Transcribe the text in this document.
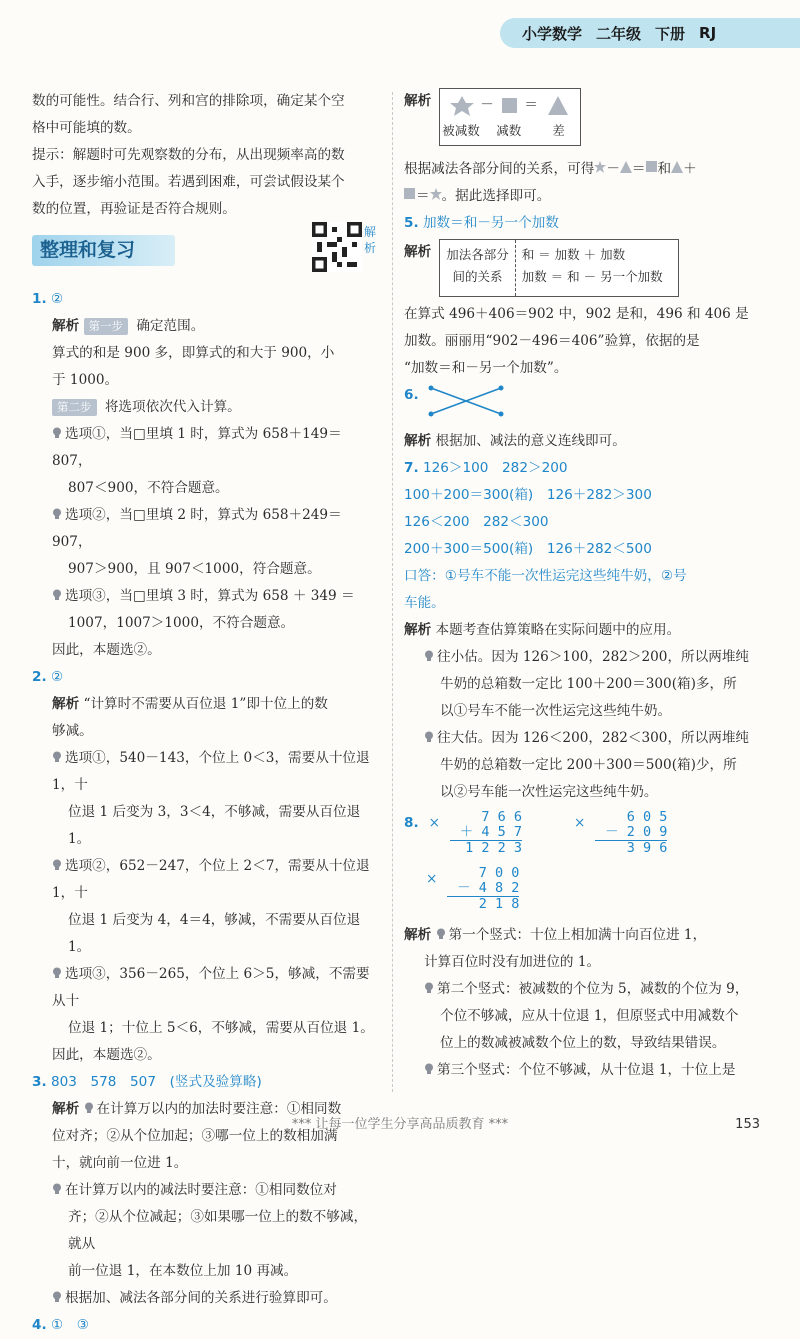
小学数学 二年级 下册 RJ

数的可能性。结合行、列和宫的排除项，确定某个空

格中可能填的数。

提示：解题时可先观察数的分布，从出现频率高的数

入手，逐步缩小范围。若遇到困难，可尝试假设某个

数的位置，再验证是否符合规则。

整理和复习

1. ②

解析 第一步 确定范围。

算式的和是 900 多，即算式的和大于 900，小

于 1000。

第二步 将选项依次代入计算。

选项①，当□里填 1 时，算式为 658＋149＝807，

807＜900，不符合题意。

选项②，当□里填 2 时，算式为 658＋249＝907，

907＞900，且 907＜1000，符合题意。

选项③，当□里填 3 时，算式为 658 ＋ 349 ＝

1007，1007＞1000，不符合题意。

因此，本题选②。

2. ②

解析 “计算时不需要从百位退 1”即十位上的数

够减。

选项①，540－143，个位上 0＜3，需要从十位退 1，十

位退 1 后变为 3，3＜4，不够减，需要从百位退 1。

选项②，652－247，个位上 2＜7，需要从十位退 1，十

位退 1 后变为 4，4＝4，够减，不需要从百位退 1。

选项③，356－265，个位上 6＞5，够减，不需要从十

位退 1；十位上 5＜6，不够减，需要从百位退 1。

因此，本题选②。

3. 803　578　507　(竖式及验算略)

解析 在计算万以内的加法时要注意：①相同数

位对齐；②从个位加起；③哪一位上的数相加满

十，就向前一位进 1。

在计算万以内的减法时要注意：①相同数位对

齐；②从个位减起；③如果哪一位上的数不够减，就从

前一位退 1，在本数位上加 10 再减。

根据加、减法各部分间的关系进行验算即可。

4. ①　③

解析
解析	－ ＝
被减数 减数 差

根据减法各部分间的关系，可得 － ＝ 和 ＋

＝ 。据此选择即可。

5. 加数＝和－另一个加数

解析 加法各部分
间的关系
和 ＝ 加数 ＋ 加数
加数 ＝ 和 － 另一个加数

在算式 496＋406＝902 中，902 是和，496 和 406 是

加数。丽丽用“902－496＝406”验算，依据的是

“加数＝和－另一个加数”。

6.

解析 根据加、减法的意义连线即可。

7. 126＞100　282＞200

100＋200＝300(箱)　126＋282＞300

126＜200　282＜300

200＋300＝500(箱)　126＋282＜500

口答：①号车不能一次性运完这些纯牛奶，②号

车能。

解析 本题考查估算策略在实际问题中的应用。

往小估。因为 126＞100，282＞200，所以两堆纯

牛奶的总箱数一定比 100＋200＝300(箱)多，所

以①号车不能一次性运完这些纯牛奶。

往大估。因为 126＜200，282＜300，所以两堆纯

牛奶的总箱数一定比 200＋300＝500(箱)少，所

以②号车能一次性运完这些纯牛奶。

8. ×	7 6 6
＋ 4 5 7
1 2 2 3
×	6 0 5
－ 2 0 9
3 9 6
×	7 0 0
－ 4 8 2
2 1 8

解析 第一个竖式：十位上相加满十向百位进 1，

计算百位时没有加进位的 1。

第二个竖式：被减数的个位为 5，减数的个位为 9，

个位不够减，应从十位退 1，但原竖式中用减数个

位上的数减被减数个位上的数，导致结果错误。

第三个竖式：个位不够减，从十位退 1，十位上是

*** 让每一位学生分享高品质教育 ***	153
